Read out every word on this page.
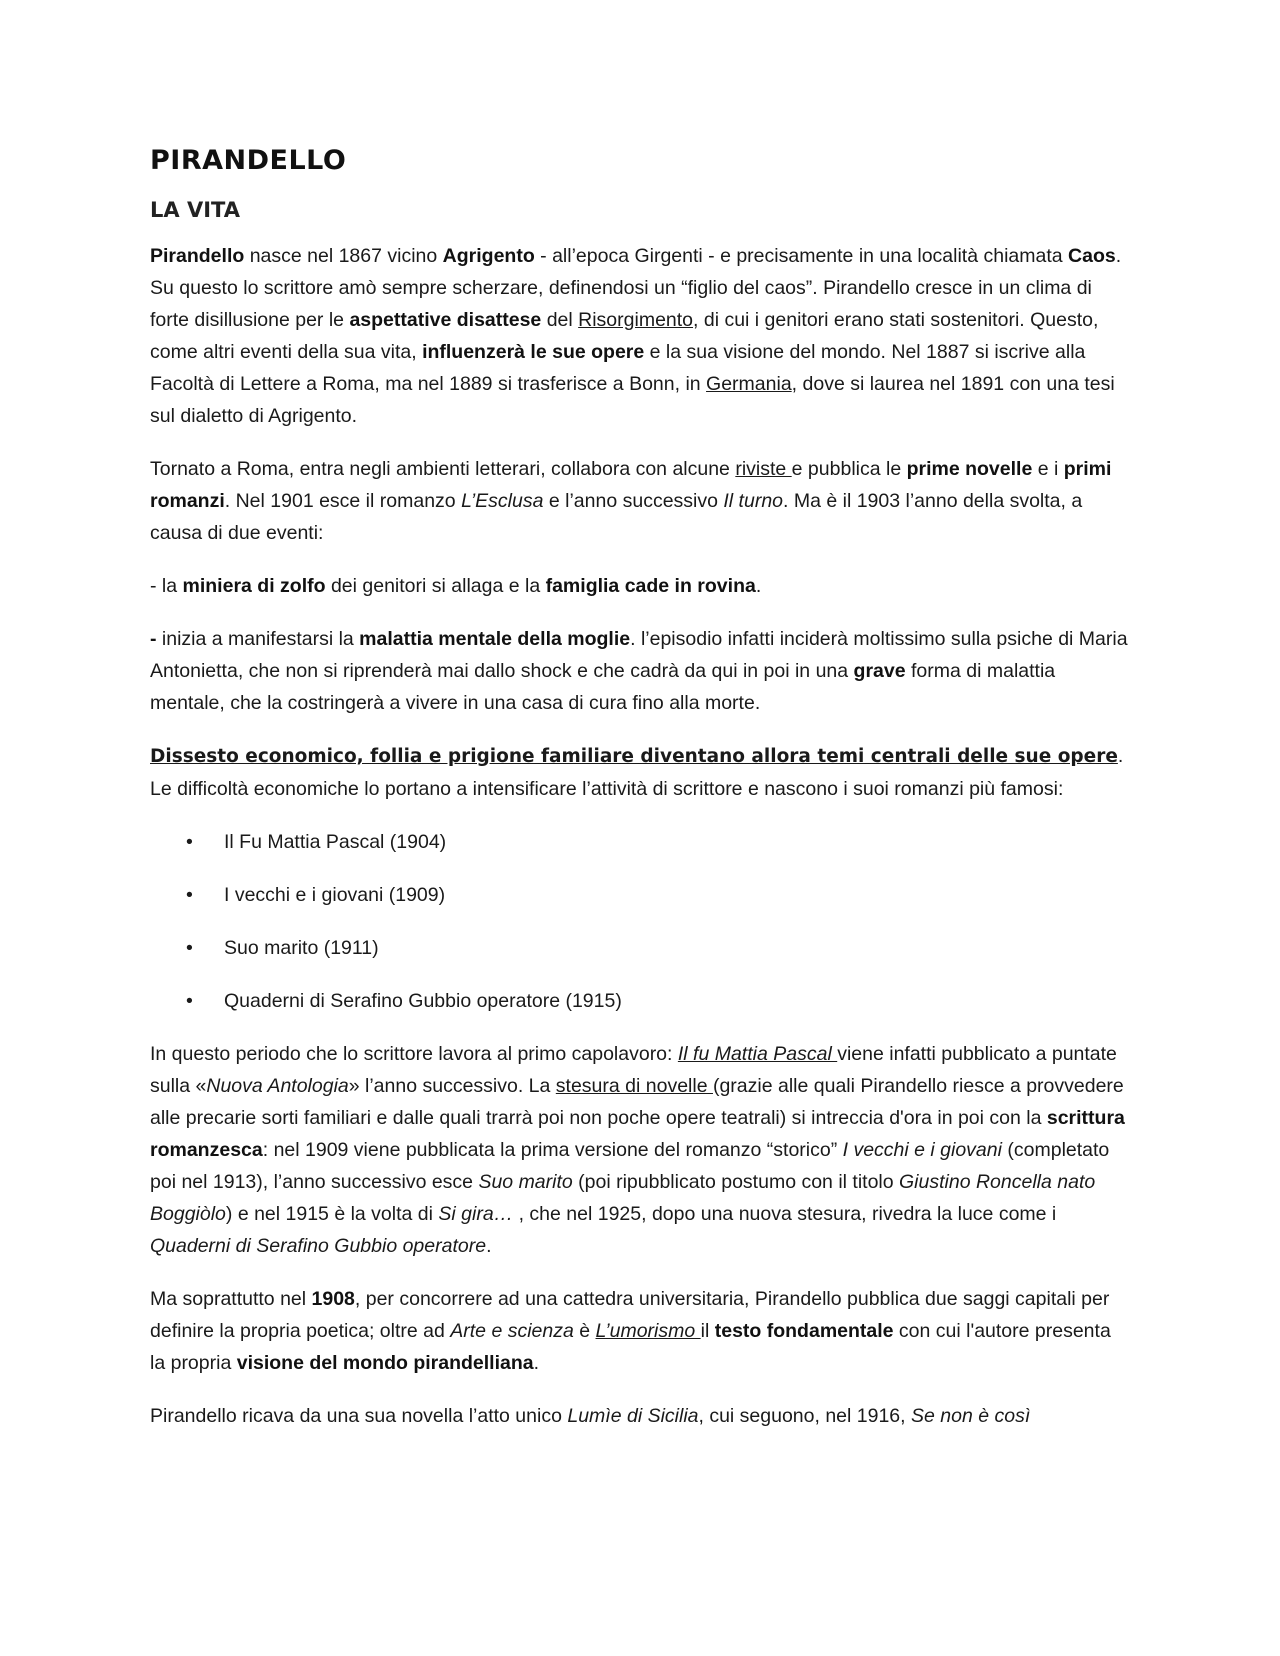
PIRANDELLO
LA VITA

Pirandello nasce nel 1867 vicino Agrigento - all’epoca Girgenti - e precisamente in una località chiamata Caos. Su questo lo scrittore amò sempre scherzare, definendosi un “figlio del caos”. Pirandello cresce in un clima di forte disillusione per le aspettative disattese del Risorgimento, di cui i genitori erano stati sostenitori. Questo, come altri eventi della sua vita, influenzerà le sue opere e la sua visione del mondo. Nel 1887 si iscrive alla Facoltà di Lettere a Roma, ma nel 1889 si trasferisce a Bonn, in Germania, dove si laurea nel 1891 con una tesi sul dialetto di Agrigento.

Tornato a Roma, entra negli ambienti letterari, collabora con alcune riviste e pubblica le prime novelle e i primi romanzi. Nel 1901 esce il romanzo L’Esclusa e l’anno successivo Il turno. Ma è il 1903 l’anno della svolta, a causa di due eventi:

- la miniera di zolfo dei genitori si allaga e la famiglia cade in rovina.

- inizia a manifestarsi la malattia mentale della moglie. l’episodio infatti inciderà moltissimo sulla psiche di Maria Antonietta, che non si riprenderà mai dallo shock e che cadrà da qui in poi in una grave forma di malattia mentale, che la costringerà a vivere in una casa di cura fino alla morte.

Dissesto economico, follia e prigione familiare diventano allora temi centrali delle sue opere. Le difficoltà economiche lo portano a intensificare l’attività di scrittore e nascono i suoi romanzi più famosi:

• Il Fu Mattia Pascal (1904)
• I vecchi e i giovani (1909)
• Suo marito (1911)
• Quaderni di Serafino Gubbio operatore (1915)

In questo periodo che lo scrittore lavora al primo capolavoro: Il fu Mattia Pascal viene infatti pubblicato a puntate sulla «Nuova Antologia» l’anno successivo. La stesura di novelle (grazie alle quali Pirandello riesce a provvedere alle precarie sorti familiari e dalle quali trarrà poi non poche opere teatrali) si intreccia d'ora in poi con la scrittura romanzesca: nel 1909 viene pubblicata la prima versione del romanzo “storico” I vecchi e i giovani (completato poi nel 1913), l’anno successivo esce Suo marito (poi ripubblicato postumo con il titolo Giustino Roncella nato Boggiòlo) e nel 1915 è la volta di Si gira… , che nel 1925, dopo una nuova stesura, rivedra la luce come i Quaderni di Serafino Gubbio operatore.

Ma soprattutto nel 1908, per concorrere ad una cattedra universitaria, Pirandello pubblica due saggi capitali per definire la propria poetica; oltre ad Arte e scienza è L’umorismo il testo fondamentale con cui l'autore presenta la propria visione del mondo pirandelliana.

Pirandello ricava da una sua novella l’atto unico Lumìe di Sicilia, cui seguono, nel 1916, Se non è così
